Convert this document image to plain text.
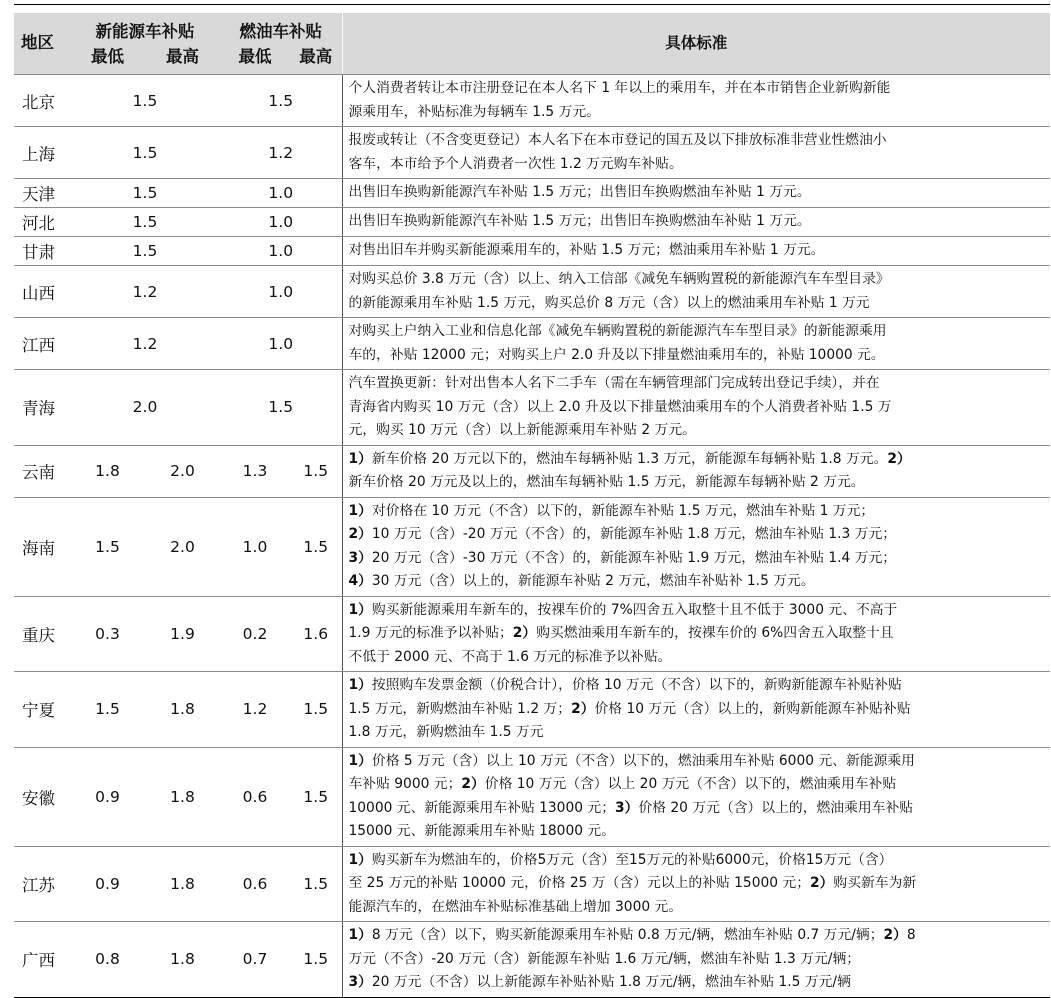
地区	新能源车补贴		燃油车补贴		具体标准
	最低	最高	最低	最高	
北京	1.5		1.5		个人消费者转让本市注册登记在本人名下 1 年以上的乘用车，并在本市销售企业新购新能
源乘用车，补贴标准为每辆车 1.5 万元。

上海	1.5		1.2		报废或转让（不含变更登记）本人名下在本市登记的国五及以下排放标准非营业性燃油小
客车，本市给予个人消费者一次性 1.2 万元购车补贴。

天津	1.5		1.0		出售旧车换购新能源汽车补贴 1.5 万元；出售旧车换购燃油车补贴 1 万元。

河北	1.5		1.0		出售旧车换购新能源汽车补贴 1.5 万元；出售旧车换购燃油车补贴 1 万元。

甘肃	1.5		1.0		对售出旧车并购买新能源乘用车的，补贴 1.5 万元；燃油乘用车补贴 1 万元。

山西	1.2		1.0		对购买总价 3.8 万元（含）以上、纳入工信部《减免车辆购置税的新能源汽车车型目录》
的新能源乘用车补贴 1.5 万元，购买总价 8 万元（含）以上的燃油乘用车补贴 1 万元

江西	1.2		1.0		对购买上户纳入工业和信息化部《减免车辆购置税的新能源汽车车型目录》的新能源乘用
车的，补贴 12000 元；对购买上户 2.0 升及以下排量燃油乘用车的，补贴 10000 元。

青海	2.0		1.5		汽车置换更新：针对出售本人名下二手车（需在车辆管理部门完成转出登记手续），并在
青海省内购买 10 万元（含）以上 2.0 升及以下排量燃油乘用车的个人消费者补贴 1.5 万
元，购买 10 万元（含）以上新能源乘用车补贴 2 万元。

云南	1.8	2.0	1.3	1.5	1）新车价格 20 万元以下的，燃油车每辆补贴 1.3 万元，新能源车每辆补贴 1.8 万元。2）
新车价格 20 万元及以上的，燃油车每辆补贴 1.5 万元，新能源车每辆补贴 2 万元。

海南	1.5	2.0	1.0	1.5	1）对价格在 10 万元（不含）以下的，新能源车补贴 1.5 万元，燃油车补贴 1 万元；
2）10 万元（含）-20 万元（不含）的，新能源车补贴 1.8 万元，燃油车补贴 1.3 万元；
3）20 万元（含）-30 万元（不含）的，新能源车补贴 1.9 万元，燃油车补贴 1.4 万元；
4）30 万元（含）以上的，新能源车补贴 2 万元，燃油车补贴补 1.5 万元。

重庆	0.3	1.9	0.2	1.6	1）购买新能源乘用车新车的，按裸车价的 7%四舍五入取整十且不低于 3000 元、不高于
1.9 万元的标准予以补贴；2）购买燃油乘用车新车的，按裸车价的 6%四舍五入取整十且
不低于 2000 元、不高于 1.6 万元的标准予以补贴。

宁夏	1.5	1.8	1.2	1.5	1）按照购车发票金额（价税合计），价格 10 万元（不含）以下的，新购新能源车补贴补贴
1.5 万元，新购燃油车补贴 1.2 万；2）价格 10 万元（含）以上的，新购新能源车补贴补贴
1.8 万元，新购燃油车 1.5 万元

安徽	0.9	1.8	0.6	1.5	1）价格 5 万元（含）以上 10 万元（不含）以下的，燃油乘用车补贴 6000 元、新能源乘用
车补贴 9000 元；2）价格 10 万元（含）以上 20 万元（不含）以下的，燃油乘用车补贴
10000 元、新能源乘用车补贴 13000 元；3）价格 20 万元（含）以上的，燃油乘用车补贴
15000 元、新能源乘用车补贴 18000 元。

江苏	0.9	1.8	0.6	1.5	1）购买新车为燃油车的，价格5万元（含）至15万元的补贴6000元，价格15万元（含）
至 25 万元的补贴 10000 元，价格 25 万（含）元以上的补贴 15000 元；2）购买新车为新
能源汽车的，在燃油车补贴标准基础上增加 3000 元。

广西	0.8	1.8	0.7	1.5	1）8 万元（含）以下，购买新能源乘用车补贴 0.8 万元/辆，燃油车补贴 0.7 万元/辆；2）8
万元（不含）-20 万元（含）新能源车补贴 1.6 万元/辆，燃油车补贴 1.3 万元/辆；
3）20 万元（不含）以上新能源车补贴补贴 1.8 万元/辆，燃油车补贴 1.5 万元/辆
